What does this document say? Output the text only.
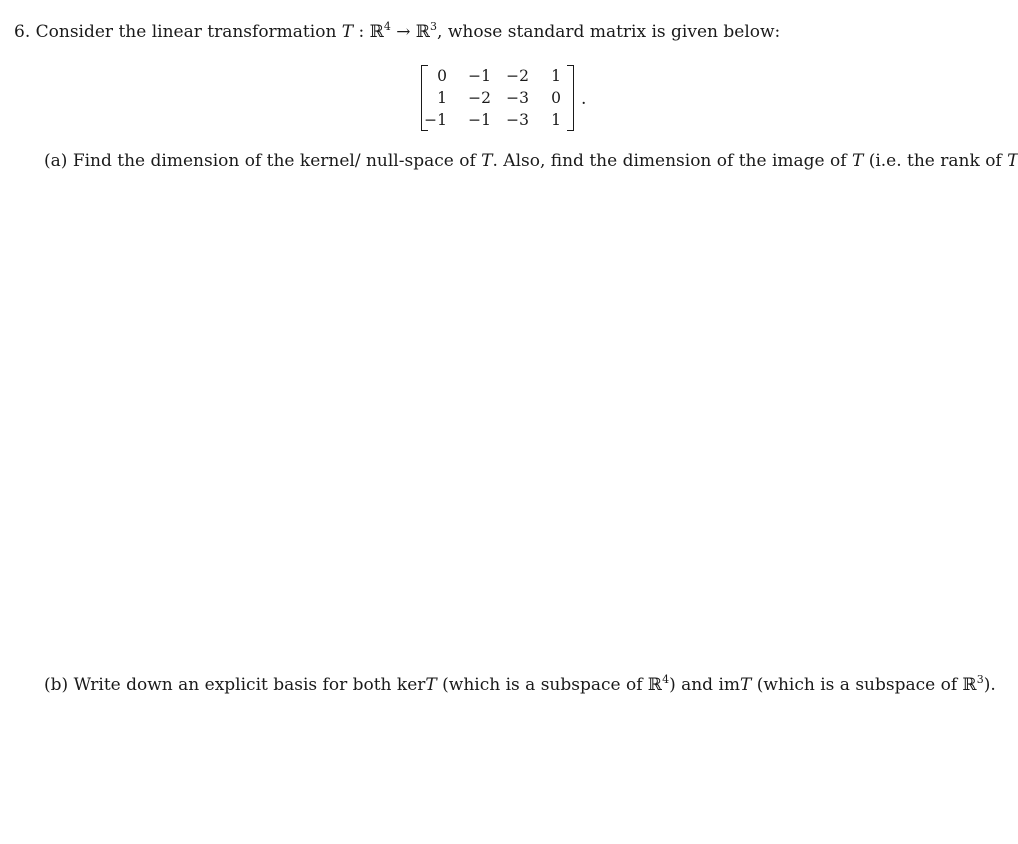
6. Consider the linear transformation T : ℝ$^4$ → ℝ$^3$, whose standard matrix is given below:
0	−1 −2	1
1	−2 −3	0
−1	−1 −3	1
.
(a) Find the dimension of the kernel/ null-space of T. Also, find the dimension of the image of T (i.e. the rank of T
(b) Write down an explicit basis for both kerT (which is a subspace of ℝ$^4$) and imT (which is a subspace of ℝ$^3$).
